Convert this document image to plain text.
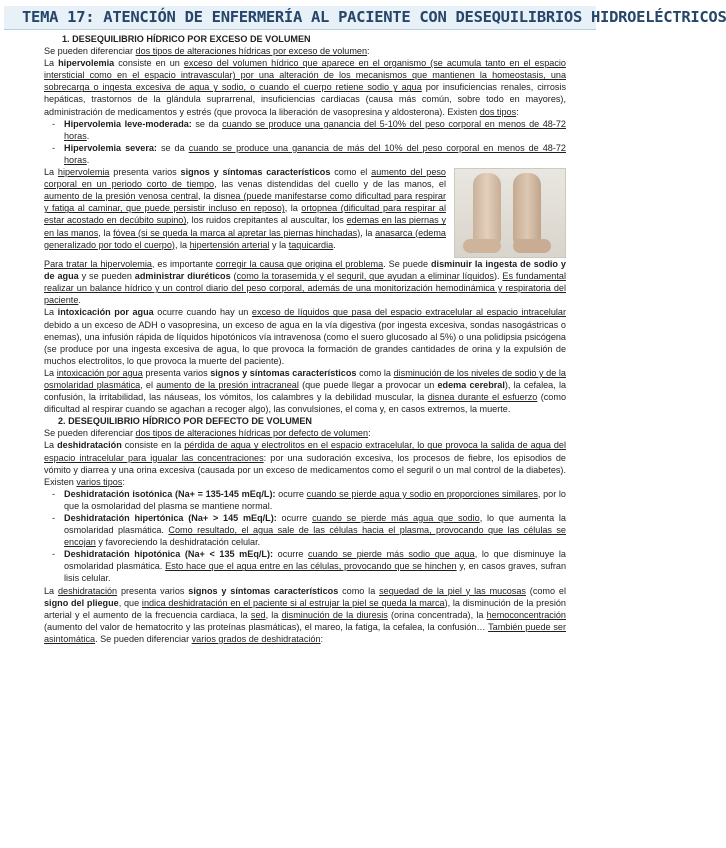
TEMA 17: ATENCIÓN DE ENFERMERÍA AL PACIENTE CON DESEQUILIBRIOS HIDROELÉCTRICOS

1. DESEQUILIBRIO HÍDRICO POR EXCESO DE VOLUMEN

Se pueden diferenciar dos tipos de alteraciones hídricas por exceso de volumen:

La hipervolemia consiste en un exceso del volumen hídrico que aparece en el organismo (se acumula tanto en el espacio intersticial como en el espacio intravascular) por una alteración de los mecanismos que mantienen la homeostasis, una sobrecarga o ingesta excesiva de agua y sodio, o cuando el cuerpo retiene sodio y agua por insuficiencias renales, cirrosis hepáticas, trastornos de la glándula suprarrenal, insuficiencias cardiacas (causa más común, sobre todo en mayores), administración de medicamentos y estrés (que provoca la liberación de vasopresina y aldosterona). Existen dos tipos:

- Hipervolemia leve-moderada: se da cuando se produce una ganancia del 5-10% del peso corporal en menos de 48-72 horas.
- Hipervolemia severa: se da cuando se produce una ganancia de más del 10% del peso corporal en menos de 48-72 horas.

La hipervolemia presenta varios signos y síntomas característicos como el aumento del peso corporal en un periodo corto de tiempo, las venas distendidas del cuello y de las manos, el aumento de la presión venosa central, la disnea (puede manifestarse como dificultad para respirar y fatiga al caminar, que puede persistir incluso en reposo), la ortopnea (dificultad para respirar al estar acostado en decúbito supino), los ruidos crepitantes al auscultar, los edemas en las piernas y en las manos, la fóvea (si se queda la marca al apretar las piernas hinchadas), la anasarca (edema generalizado por todo el cuerpo), la hipertensión arterial y la taquicardia.

Para tratar la hipervolemia, es importante corregir la causa que origina el problema. Se puede disminuir la ingesta de sodio y de agua y se pueden administrar diuréticos (como la torasemida y el seguril, que ayudan a eliminar líquidos). Es fundamental realizar un balance hídrico y un control diario del peso corporal, además de una monitorización hemodinámica y respiratoria del paciente.

La intoxicación por agua ocurre cuando hay un exceso de líquidos que pasa del espacio extracelular al espacio intracelular debido a un exceso de ADH o vasopresina, un exceso de agua en la vía digestiva (por ingesta excesiva, sondas nasogástricas o enemas), una infusión rápida de líquidos hipotónicos vía intravenosa (como el suero glucosado al 5%) o una polidipsia psicógena (se produce por una ingesta excesiva de agua, lo que provoca la formación de grandes cantidades de orina y la expulsión de muchos electrolitos, lo que provoca la muerte del paciente).

La intoxicación por agua presenta varios signos y síntomas característicos como la disminución de los niveles de sodio y de la osmolaridad plasmática, el aumento de la presión intracraneal (que puede llegar a provocar un edema cerebral), la cefalea, la confusión, la irritabilidad, las náuseas, los vómitos, los calambres y la debilidad muscular, la disnea durante el esfuerzo (como dificultad al respirar cuando se agachan a recoger algo), las convulsiones, el coma y, en casos extremos, la muerte.

2. DESEQUILIBRIO HÍDRICO POR DEFECTO DE VOLUMEN

Se pueden diferenciar dos tipos de alteraciones hídricas por defecto de volumen:

La deshidratación consiste en la pérdida de agua y electrolitos en el espacio extracelular, lo que provoca la salida de agua del espacio intracelular para igualar las concentraciones: por una sudoración excesiva, los procesos de fiebre, los episodios de vómito y diarrea y una orina excesiva (causada por un exceso de medicamentos como el seguril o un mal control de la diabetes). Existen varios tipos:

- Deshidratación isotónica (Na+ = 135-145 mEq/L): ocurre cuando se pierde agua y sodio en proporciones similares, por lo que la osmolaridad del plasma se mantiene normal.
- Deshidratación hipertónica (Na+ > 145 mEq/L): ocurre cuando se pierde más agua que sodio, lo que aumenta la osmolaridad plasmática. Como resultado, el agua sale de las células hacia el plasma, provocando que las células se encojan y favoreciendo la deshidratación celular.
- Deshidratación hipotónica (Na+ < 135 mEq/L): ocurre cuando se pierde más sodio que agua, lo que disminuye la osmolaridad plasmática. Esto hace que el agua entre en las células, provocando que se hinchen y, en casos graves, sufran lisis celular.

La deshidratación presenta varios signos y síntomas característicos como la sequedad de la piel y las mucosas (como el signo del pliegue, que indica deshidratación en el paciente si al estrujar la piel se queda la marca), la disminución de la presión arterial y el aumento de la frecuencia cardiaca, la sed, la disminución de la diuresis (orina concentrada), la hemoconcentración (aumento del valor de hematocrito y las proteínas plasmáticas), el mareo, la fatiga, la cefalea, la confusión… También puede ser asintomática. Se pueden diferenciar varios grados de deshidratación:
